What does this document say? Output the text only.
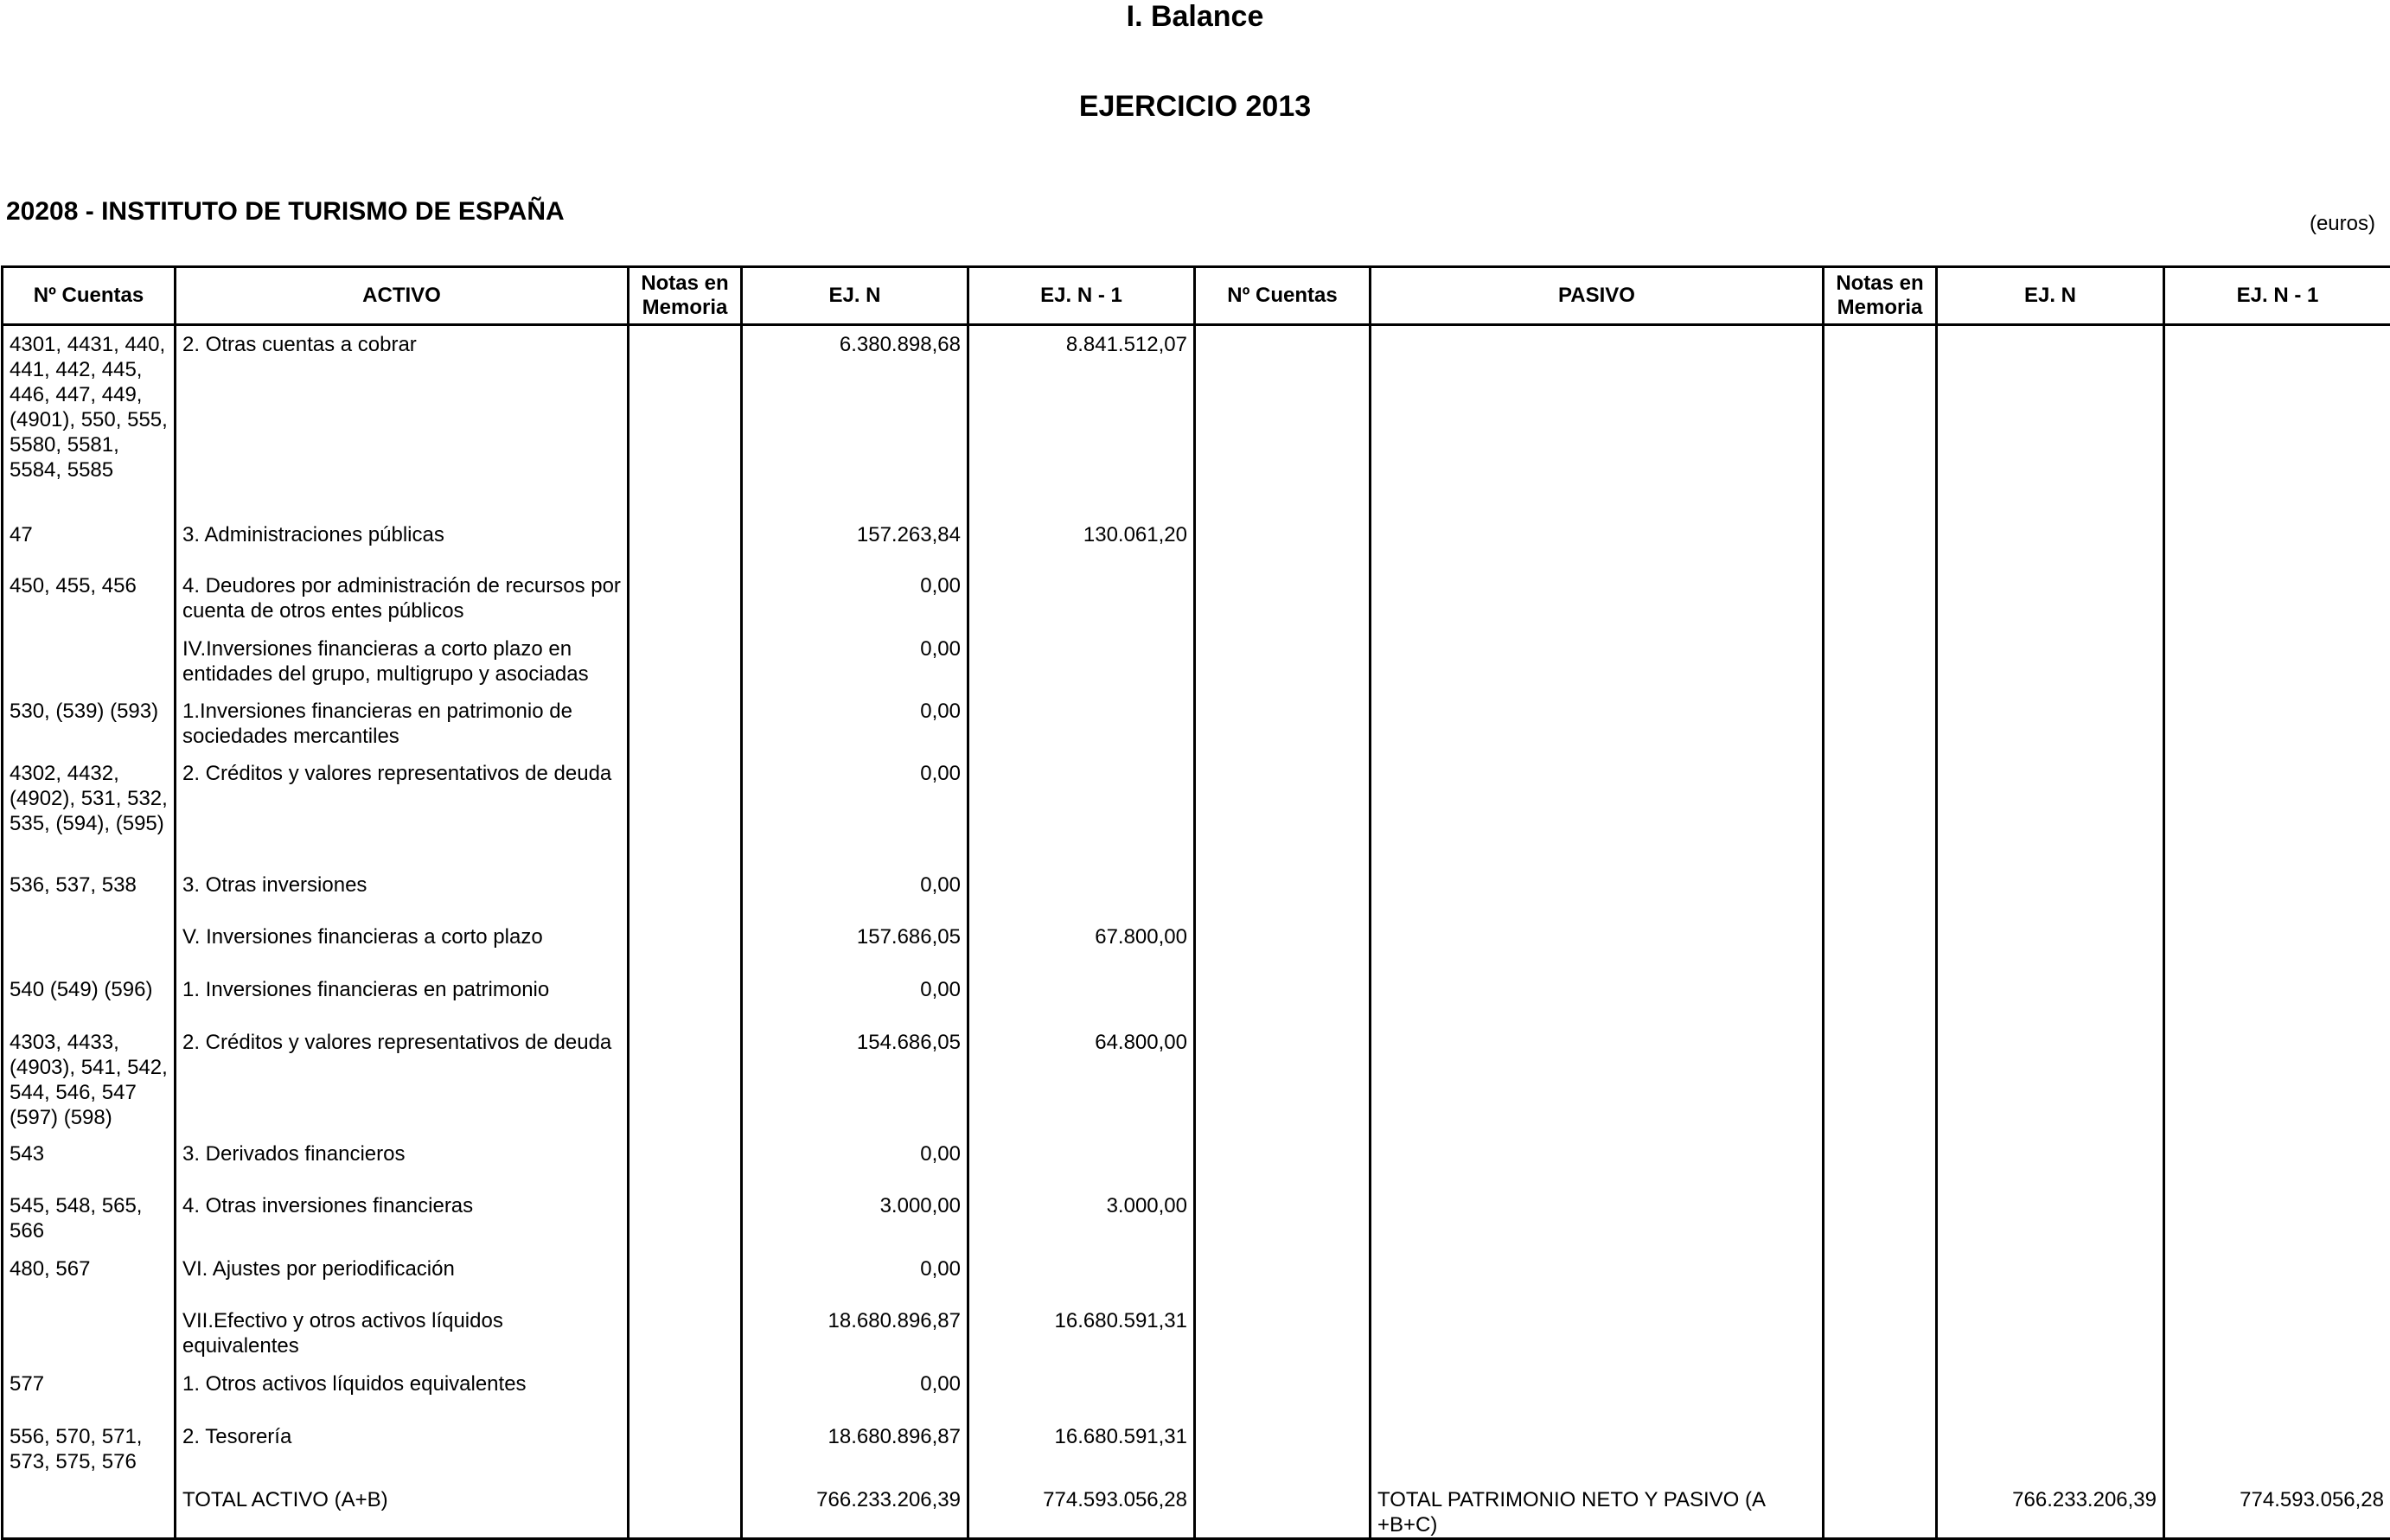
I. Balance
EJERCICIO 2013
20208 - INSTITUTO DE TURISMO DE ESPAÑA	(euros)
Nº Cuentas	ACTIVO	Notas en Memoria	EJ. N	EJ. N - 1	Nº Cuentas	PASIVO	Notas en Memoria	EJ. N	EJ. N - 1
4301, 4431, 440, 441, 442, 445, 446, 447, 449, (4901), 550, 555, 5580, 5581, 5584, 5585	2. Otras cuentas a cobrar		6.380.898,68	8.841.512,07					
47	3. Administraciones públicas		157.263,84	130.061,20					
450, 455, 456	4. Deudores por administración de recursos por cuenta de otros entes públicos		0,00						
	IV.Inversiones financieras a corto plazo en entidades del grupo, multigrupo y asociadas		0,00						
530, (539) (593)	1.Inversiones financieras en patrimonio de sociedades mercantiles		0,00						
4302, 4432, (4902), 531, 532, 535, (594), (595)	2. Créditos y valores representativos de deuda		0,00						
536, 537, 538	3. Otras inversiones		0,00						
	V. Inversiones financieras a corto plazo		157.686,05	67.800,00					
540 (549) (596)	1. Inversiones financieras en patrimonio		0,00						
4303, 4433, (4903), 541, 542, 544, 546, 547 (597) (598)	2. Créditos y valores representativos de deuda		154.686,05	64.800,00					
543	3. Derivados financieros		0,00						
545, 548, 565, 566	4. Otras inversiones financieras		3.000,00	3.000,00					
480, 567	VI. Ajustes por periodificación		0,00						
	VII.Efectivo y otros activos líquidos equivalentes		18.680.896,87	16.680.591,31					
577	1. Otros activos líquidos equivalentes		0,00						
556, 570, 571, 573, 575, 576	2. Tesorería		18.680.896,87	16.680.591,31					
	TOTAL ACTIVO (A+B)		766.233.206,39	774.593.056,28		TOTAL PATRIMONIO NETO Y PASIVO (A +B+C)		766.233.206,39	774.593.056,28
